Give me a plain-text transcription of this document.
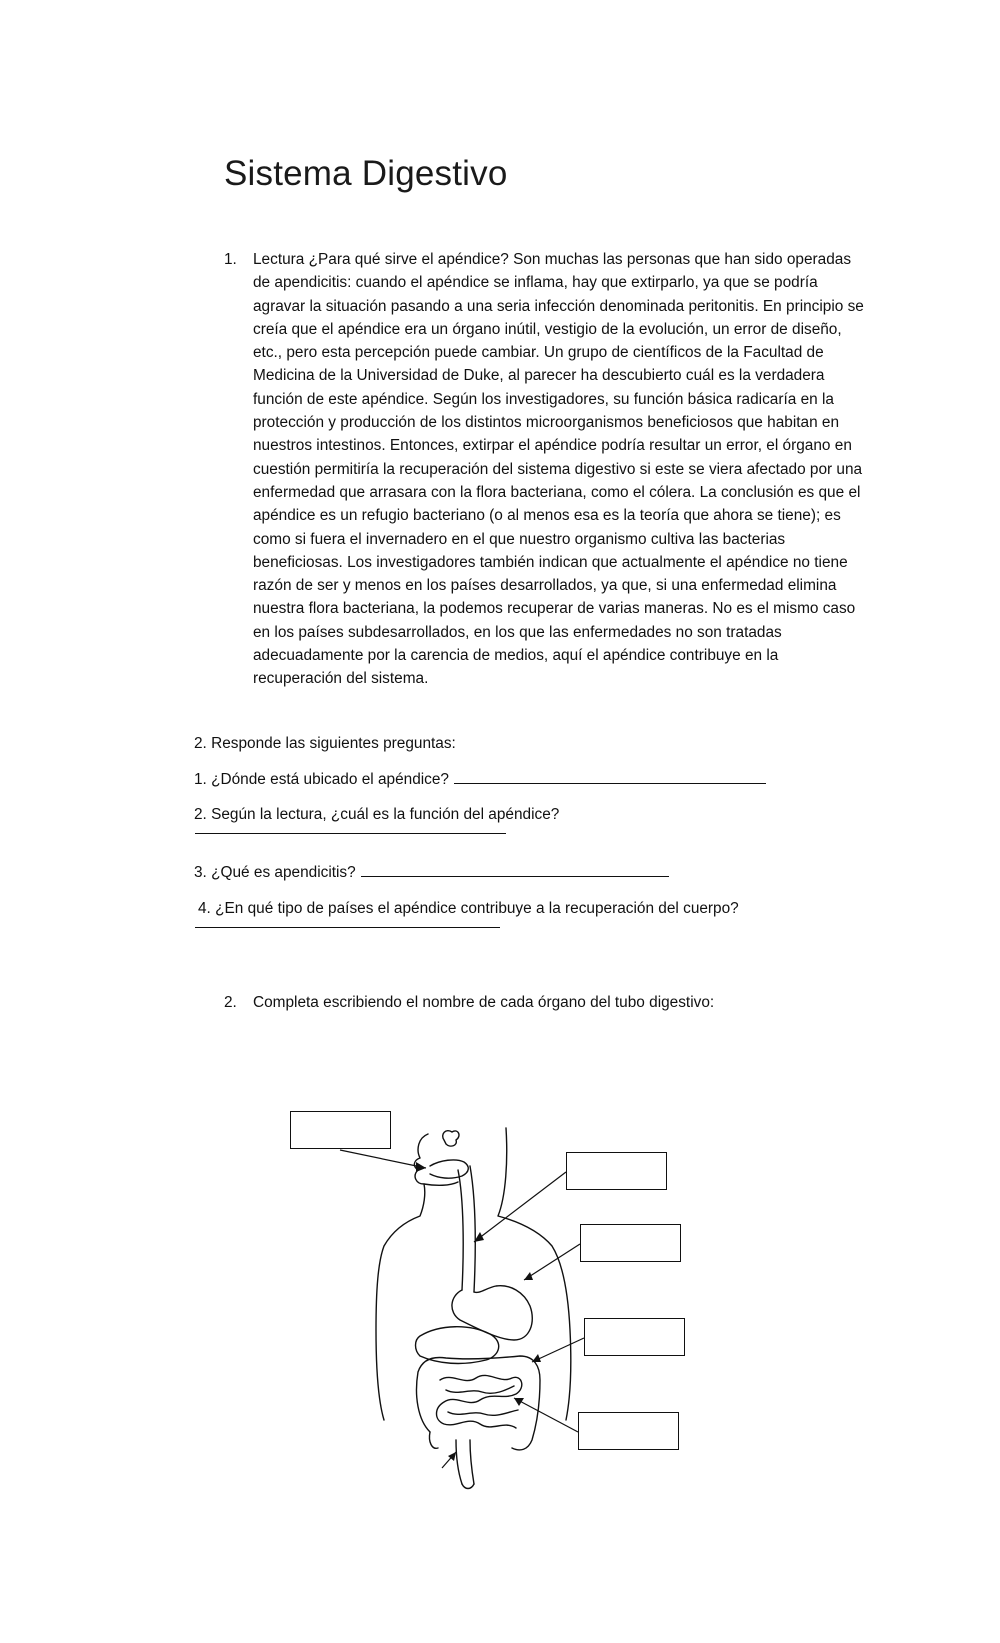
Sistema Digestivo
1. Lectura ¿Para qué sirve el apéndice? Son muchas las personas que han sido operadas de apendicitis: cuando el apéndice se inflama, hay que extirparlo, ya que se podría agravar la situación pasando a una seria infección denominada peritonitis. En principio se creía que el apéndice era un órgano inútil, vestigio de la evolución, un error de diseño, etc., pero esta percepción puede cambiar. Un grupo de científicos de la Facultad de Medicina de la Universidad de Duke, al parecer ha descubierto cuál es la verdadera función de este apéndice. Según los investigadores, su función básica radicaría en la protección y producción de los distintos microorganismos beneficiosos que habitan en nuestros intestinos. Entonces, extirpar el apéndice podría resultar un error, el órgano en cuestión permitiría la recuperación del sistema digestivo si este se viera afectado por una enfermedad que arrasara con la flora bacteriana, como el cólera. La conclusión es que el apéndice es un refugio bacteriano (o al menos esa es la teoría que ahora se tiene); es como si fuera el invernadero en el que nuestro organismo cultiva las bacterias beneficiosas. Los investigadores también indican que actualmente el apéndice no tiene razón de ser y menos en los países desarrollados, ya que, si una enfermedad elimina nuestra flora bacteriana, la podemos recuperar de varias maneras. No es el mismo caso en los países subdesarrollados, en los que las enfermedades no son tratadas adecuadamente por la carencia de medios, aquí el apéndice contribuye en la recuperación del sistema.
2. Responde las siguientes preguntas:
1. ¿Dónde está ubicado el apéndice?
2. Según la lectura, ¿cuál es la función del apéndice?
3. ¿Qué es apendicitis?
4. ¿En qué tipo de países el apéndice contribuye a la recuperación del cuerpo?
2. Completa escribiendo el nombre de cada órgano del tubo digestivo:
